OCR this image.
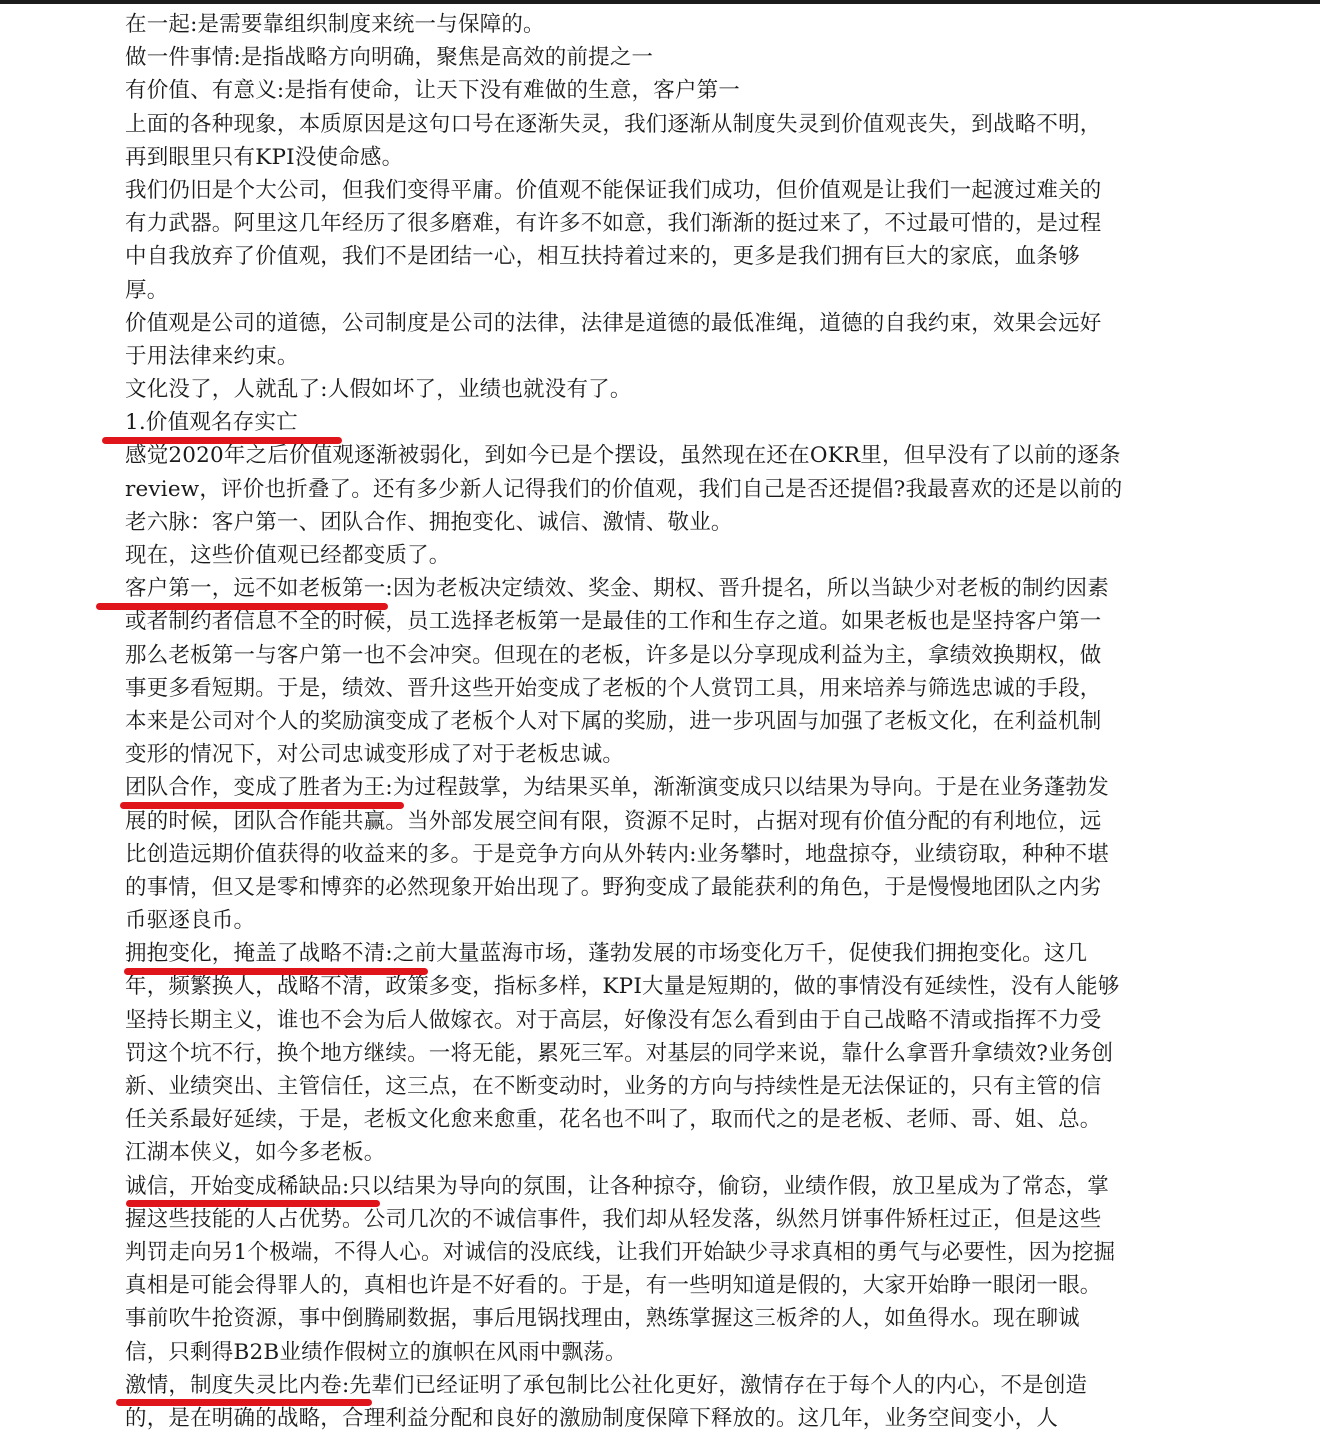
在一起:是需要靠组织制度来统一与保障的。
做一件事情:是指战略方向明确，聚焦是高效的前提之一
有价值、有意义:是指有使命，让天下没有难做的生意，客户第一
上面的各种现象，本质原因是这句口号在逐渐失灵，我们逐渐从制度失灵到价值观丧失，到战略不明，
再到眼里只有KPI没使命感。
我们仍旧是个大公司，但我们变得平庸。价值观不能保证我们成功，但价值观是让我们一起渡过难关的
有力武器。阿里这几年经历了很多磨难，有许多不如意，我们渐渐的挺过来了，不过最可惜的，是过程
中自我放弃了价值观，我们不是团结一心，相互扶持着过来的，更多是我们拥有巨大的家底，血条够
厚。
价值观是公司的道德，公司制度是公司的法律，法律是道德的最低准绳，道德的自我约束，效果会远好
于用法律来约束。
文化没了，人就乱了:人假如坏了，业绩也就没有了。
1.价值观名存实亡
感觉2020年之后价值观逐渐被弱化，到如今已是个摆设，虽然现在还在OKR里，但早没有了以前的逐条
review，评价也折叠了。还有多少新人记得我们的价值观，我们自己是否还提倡?我最喜欢的还是以前的
老六脉：客户第一、团队合作、拥抱变化、诚信、激情、敬业。
现在，这些价值观已经都变质了。
客户第一，远不如老板第一:因为老板决定绩效、奖金、期权、晋升提名，所以当缺少对老板的制约因素
或者制约者信息不全的时候，员工选择老板第一是最佳的工作和生存之道。如果老板也是坚持客户第一
那么老板第一与客户第一也不会冲突。但现在的老板，许多是以分享现成利益为主，拿绩效换期权，做
事更多看短期。于是，绩效、晋升这些开始变成了老板的个人赏罚工具，用来培养与筛选忠诚的手段，
本来是公司对个人的奖励演变成了老板个人对下属的奖励，进一步巩固与加强了老板文化，在利益机制
变形的情况下，对公司忠诚变形成了对于老板忠诚。
团队合作，变成了胜者为王:为过程鼓掌，为结果买单，渐渐演变成只以结果为导向。于是在业务蓬勃发
展的时候，团队合作能共赢。当外部发展空间有限，资源不足时，占据对现有价值分配的有利地位，远
比创造远期价值获得的收益来的多。于是竞争方向从外转内:业务攀时，地盘掠夺，业绩窃取，种种不堪
的事情，但又是零和博弈的必然现象开始出现了。野狗变成了最能获利的角色，于是慢慢地团队之内劣
币驱逐良币。
拥抱变化，掩盖了战略不清:之前大量蓝海市场，蓬勃发展的市场变化万千，促使我们拥抱变化。这几
年，频繁换人，战略不清，政策多变，指标多样，KPI大量是短期的，做的事情没有延续性，没有人能够
坚持长期主义，谁也不会为后人做嫁衣。对于高层，好像没有怎么看到由于自己战略不清或指挥不力受
罚这个坑不行，换个地方继续。一将无能，累死三军。对基层的同学来说，靠什么拿晋升拿绩效?业务创
新、业绩突出、主管信任，这三点，在不断变动时，业务的方向与持续性是无法保证的，只有主管的信
任关系最好延续，于是，老板文化愈来愈重，花名也不叫了，取而代之的是老板、老师、哥、姐、总。
江湖本侠义，如今多老板。
诚信，开始变成稀缺品:只以结果为导向的氛围，让各种掠夺，偷窃，业绩作假，放卫星成为了常态，掌
握这些技能的人占优势。公司几次的不诚信事件，我们却从轻发落，纵然月饼事件矫枉过正，但是这些
判罚走向另1个极端，不得人心。对诚信的没底线，让我们开始缺少寻求真相的勇气与必要性，因为挖掘
真相是可能会得罪人的，真相也许是不好看的。于是，有一些明知道是假的，大家开始睁一眼闭一眼。
事前吹牛抢资源，事中倒腾刷数据，事后甩锅找理由，熟练掌握这三板斧的人，如鱼得水。现在聊诚
信，只剩得B2B业绩作假树立的旗帜在风雨中飘荡。
激情，制度失灵比内卷:先辈们已经证明了承包制比公社化更好，激情存在于每个人的内心，不是创造
的，是在明确的战略，合理利益分配和良好的激励制度保障下释放的。这几年，业务空间变小，人
